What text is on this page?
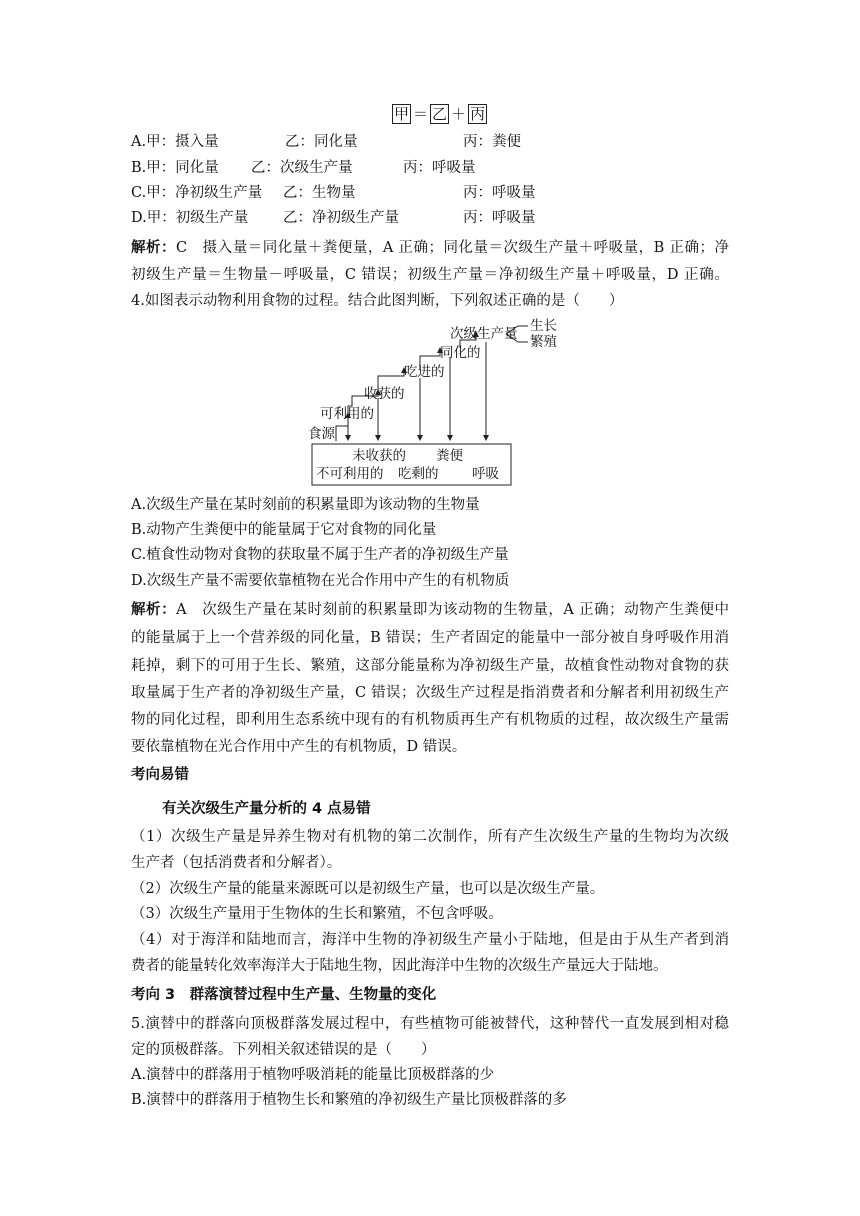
甲 ＝ 乙 ＋ 丙
A.甲：摄入量	乙：同化量	丙：粪便
B.甲：同化量 乙：次级生产量	丙：呼吸量
C.甲：净初级生产量 乙：生物量	丙：呼吸量
D.甲：初级生产量 乙：净初级生产量	丙：呼吸量
解析：C　摄入量＝同化量＋粪便量，A 正确；同化量＝次级生产量＋呼吸量，B 正确；净
初级生产量＝生物量－呼吸量，C 错误；初级生产量＝净初级生产量＋呼吸量，D 正确。
4.如图表示动物利用食物的过程。结合此图判断，下列叙述正确的是（　　）
食源
可利用的
收获的
吃进的
同化的
次级生产量 生长
繁殖
不可利用的
未收获的
吃剩的
粪便
呼吸
A.次级生产量在某时刻前的积累量即为该动物的生物量
B.动物产生粪便中的能量属于它对食物的同化量
C.植食性动物对食物的获取量不属于生产者的净初级生产量
D.次级生产量不需要依靠植物在光合作用中产生的有机物质
解析：A　次级生产量在某时刻前的积累量即为该动物的生物量，A 正确；动物产生粪便中
的能量属于上一个营养级的同化量，B 错误；生产者固定的能量中一部分被自身呼吸作用消
耗掉，剩下的可用于生长、繁殖，这部分能量称为净初级生产量，故植食性动物对食物的获
取量属于生产者的净初级生产量，C 错误；次级生产过程是指消费者和分解者利用初级生产
物的同化过程，即利用生态系统中现有的有机物质再生产有机物质的过程，故次级生产量需
要依靠植物在光合作用中产生的有机物质，D 错误。
考向易错
有关次级生产量分析的 4 点易错
（1）次级生产量是异养生物对有机物的第二次制作，所有产生次级生产量的生物均为次级
生产者（包括消费者和分解者）。
（2）次级生产量的能量来源既可以是初级生产量，也可以是次级生产量。
（3）次级生产量用于生物体的生长和繁殖，不包含呼吸。
（4）对于海洋和陆地而言，海洋中生物的净初级生产量小于陆地，但是由于从生产者到消
费者的能量转化效率海洋大于陆地生物，因此海洋中生物的次级生产量远大于陆地。
考向 3　群落演替过程中生产量、生物量的变化
5.演替中的群落向顶极群落发展过程中，有些植物可能被替代，这种替代一直发展到相对稳
定的顶极群落。下列相关叙述错误的是（　　）
A.演替中的群落用于植物呼吸消耗的能量比顶极群落的少
B.演替中的群落用于植物生长和繁殖的净初级生产量比顶极群落的多
